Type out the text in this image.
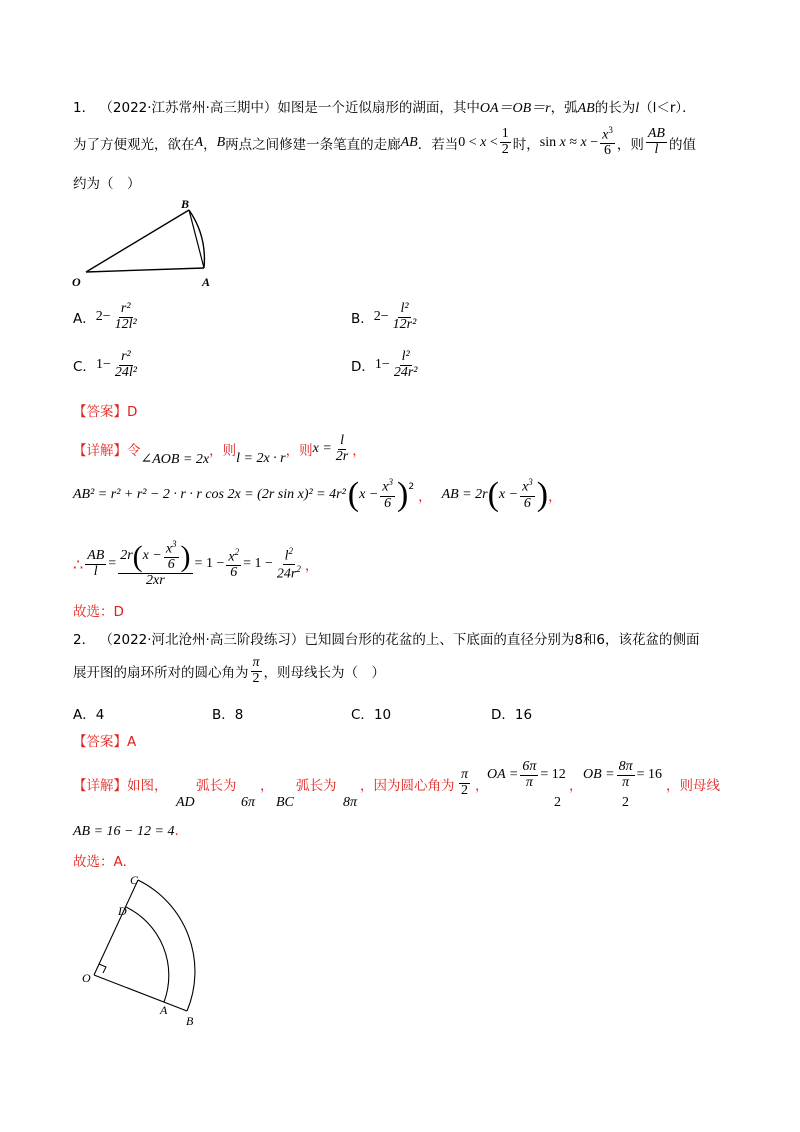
1． （2022·江苏常州·高三期中）如图是一个近似扇形的湖面，其中OA＝OB＝r，弧AB的长为l（l＜r）．
为了方便观光，欲在 A ， B 两点之间修建一条笔直的走廊 AB ．若当 $0 < x < \frac{1}{2}$ 时， $\sin x \approx x - \frac{x^3}{6}$ ，则 $\frac{AB}{l}$ 的值
约为（　）
O	A
B
A． $2- \frac{\text{r²}}{\text{12l²}}$	B． $2- \frac{\text{l²}}{\text{12r²}}$
C． $1- \frac{\text{r²}}{\text{24l²}}$	D． $1- \frac{\text{l²}}{\text{24r²}}$
【答案】D
【详解】令 ∠AOB = 2x ，则 l = 2x · r ，则 $x = \frac{l}{2r}$ ，
AB² = r² + r² − 2 · r · r cos 2x = (2r sin x)² = 4r² ( $x - \frac{x^3}{6} )^2$
， AB = 2r ( $x - \frac{x^3}{6}$ ) ，
∴ $\frac{AB}{l} = \frac{2r ( x - \frac{x^3}{6} )}{2xr} = 1 - \frac{x^2}{6} = 1 - \frac{l^2}{24r^2}$ ，
故选：D
2． （2022·河北沧州·高三阶段练习）已知圆台形的花盆的上、下底面的直径分别为8和6，该花盆的侧面
展开图的扇环所对的圆心角为 $\frac{\pi}{2}$ ，则母线长为（　）
A．4	B．8	C．10	D．16
【答案】A
【详解】如图，
AD
弧长为
6π
，
BC
弧长为
8π
，因为圆心角为 $\frac{\pi}{2}$ ，
OA = $\frac{6\pi}{\pi} = 12$
2
，
OB = $\frac{8\pi}{\pi} = 16$
2
，则母线
AB = 16 − 12 = 4.
故选：A.
C
D
O
A
B
